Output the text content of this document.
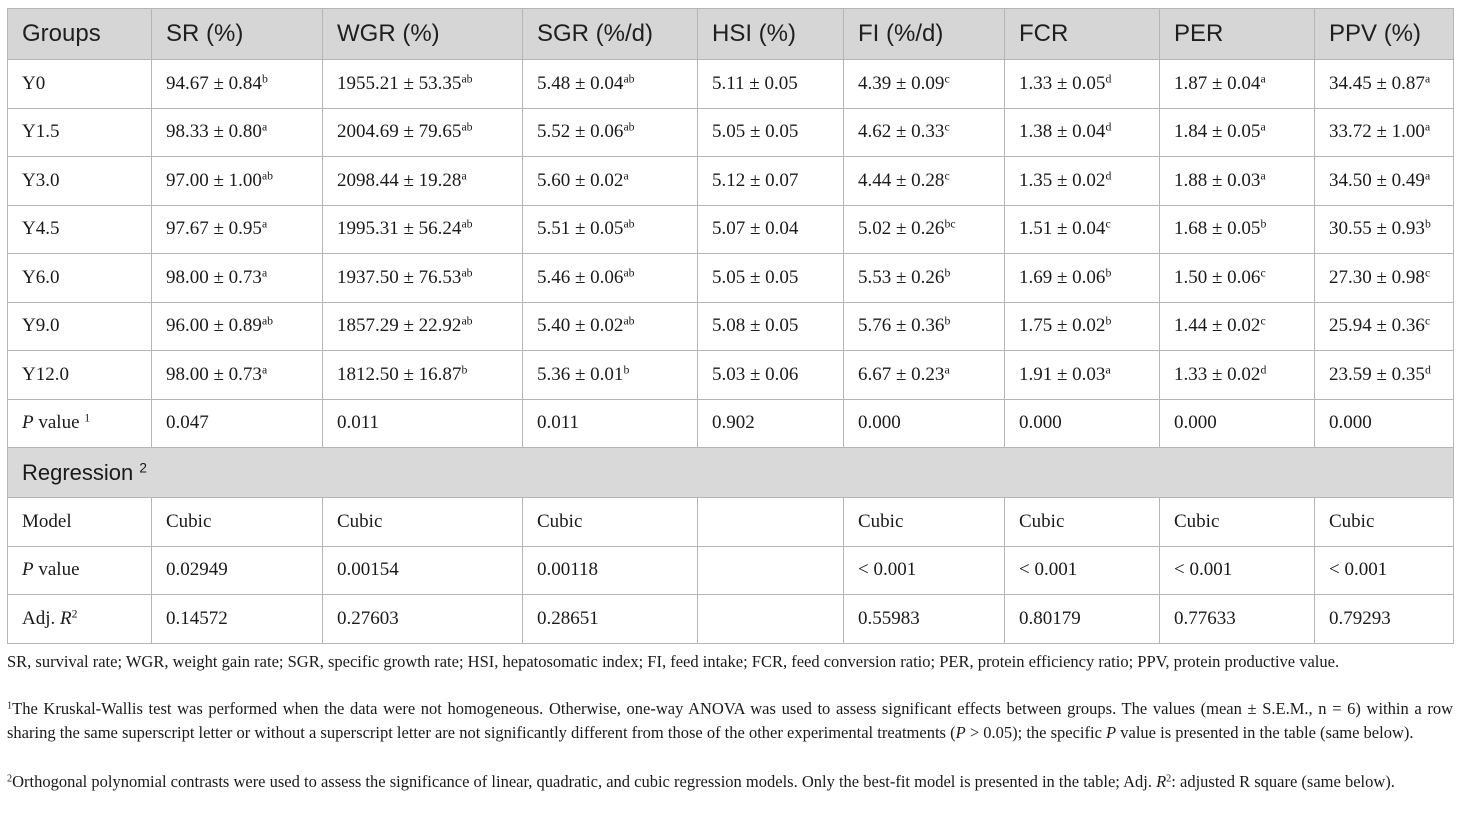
Groups	SR (%)	WGR (%)	SGR (%/d)	HSI (%)	FI (%/d)	FCR	PER	PPV (%)
Y0	94.67 ± 0.84$^b$	1955.21 ± 53.35$^{ab}$	5.48 ± 0.04$^{ab}$	5.11 ± 0.05	4.39 ± 0.09$^c$	1.33 ± 0.05$^d$	1.87 ± 0.04$^a$	34.45 ± 0.87$^a$
Y1.5	98.33 ± 0.80$^a$	2004.69 ± 79.65$^{ab}$	5.52 ± 0.06$^{ab}$	5.05 ± 0.05	4.62 ± 0.33$^c$	1.38 ± 0.04$^d$	1.84 ± 0.05$^a$	33.72 ± 1.00$^a$
Y3.0	97.00 ± 1.00$^{ab}$	2098.44 ± 19.28$^a$	5.60 ± 0.02$^a$	5.12 ± 0.07	4.44 ± 0.28$^c$	1.35 ± 0.02$^d$	1.88 ± 0.03$^a$	34.50 ± 0.49$^a$
Y4.5	97.67 ± 0.95$^a$	1995.31 ± 56.24$^{ab}$	5.51 ± 0.05$^{ab}$	5.07 ± 0.04	5.02 ± 0.26$^{bc}$	1.51 ± 0.04$^c$	1.68 ± 0.05$^b$	30.55 ± 0.93$^b$
Y6.0	98.00 ± 0.73$^a$	1937.50 ± 76.53$^{ab}$	5.46 ± 0.06$^{ab}$	5.05 ± 0.05	5.53 ± 0.26$^b$	1.69 ± 0.06$^b$	1.50 ± 0.06$^c$	27.30 ± 0.98$^c$
Y9.0	96.00 ± 0.89$^{ab}$	1857.29 ± 22.92$^{ab}$	5.40 ± 0.02$^{ab}$	5.08 ± 0.05	5.76 ± 0.36$^b$	1.75 ± 0.02$^b$	1.44 ± 0.02$^c$	25.94 ± 0.36$^c$
Y12.0	98.00 ± 0.73$^a$	1812.50 ± 16.87$^b$	5.36 ± 0.01$^b$	5.03 ± 0.06	6.67 ± 0.23$^a$	1.91 ± 0.03$^a$	1.33 ± 0.02$^d$	23.59 ± 0.35$^d$
P value $^1$	0.047	0.011	0.011	0.902	0.000	0.000	0.000	0.000
Regression $^2$
Model	Cubic	Cubic	Cubic		Cubic	Cubic	Cubic	Cubic
P value	0.02949	0.00154	0.00118		< 0.001	< 0.001	< 0.001	< 0.001
Adj. $R^2$	0.14572	0.27603	0.28651		0.55983	0.80179	0.77633	0.79293
SR, survival rate; WGR, weight gain rate; SGR, specific growth rate; HSI, hepatosomatic index; FI, feed intake; FCR, feed conversion ratio; PER, protein efficiency ratio; PPV, protein productive value.
$^1$The Kruskal-Wallis test was performed when the data were not homogeneous. Otherwise, one-way ANOVA was used to assess significant effects between groups. The values (mean ± S.E.M., n = 6) within a row sharing the same superscript letter or without a superscript letter are not significantly different from those of the other experimental treatments (P > 0.05); the specific P value is presented in the table (same below).
$^2$Orthogonal polynomial contrasts were used to assess the significance of linear, quadratic, and cubic regression models. Only the best-fit model is presented in the table; Adj. $R^2$: adjusted R square (same below).
